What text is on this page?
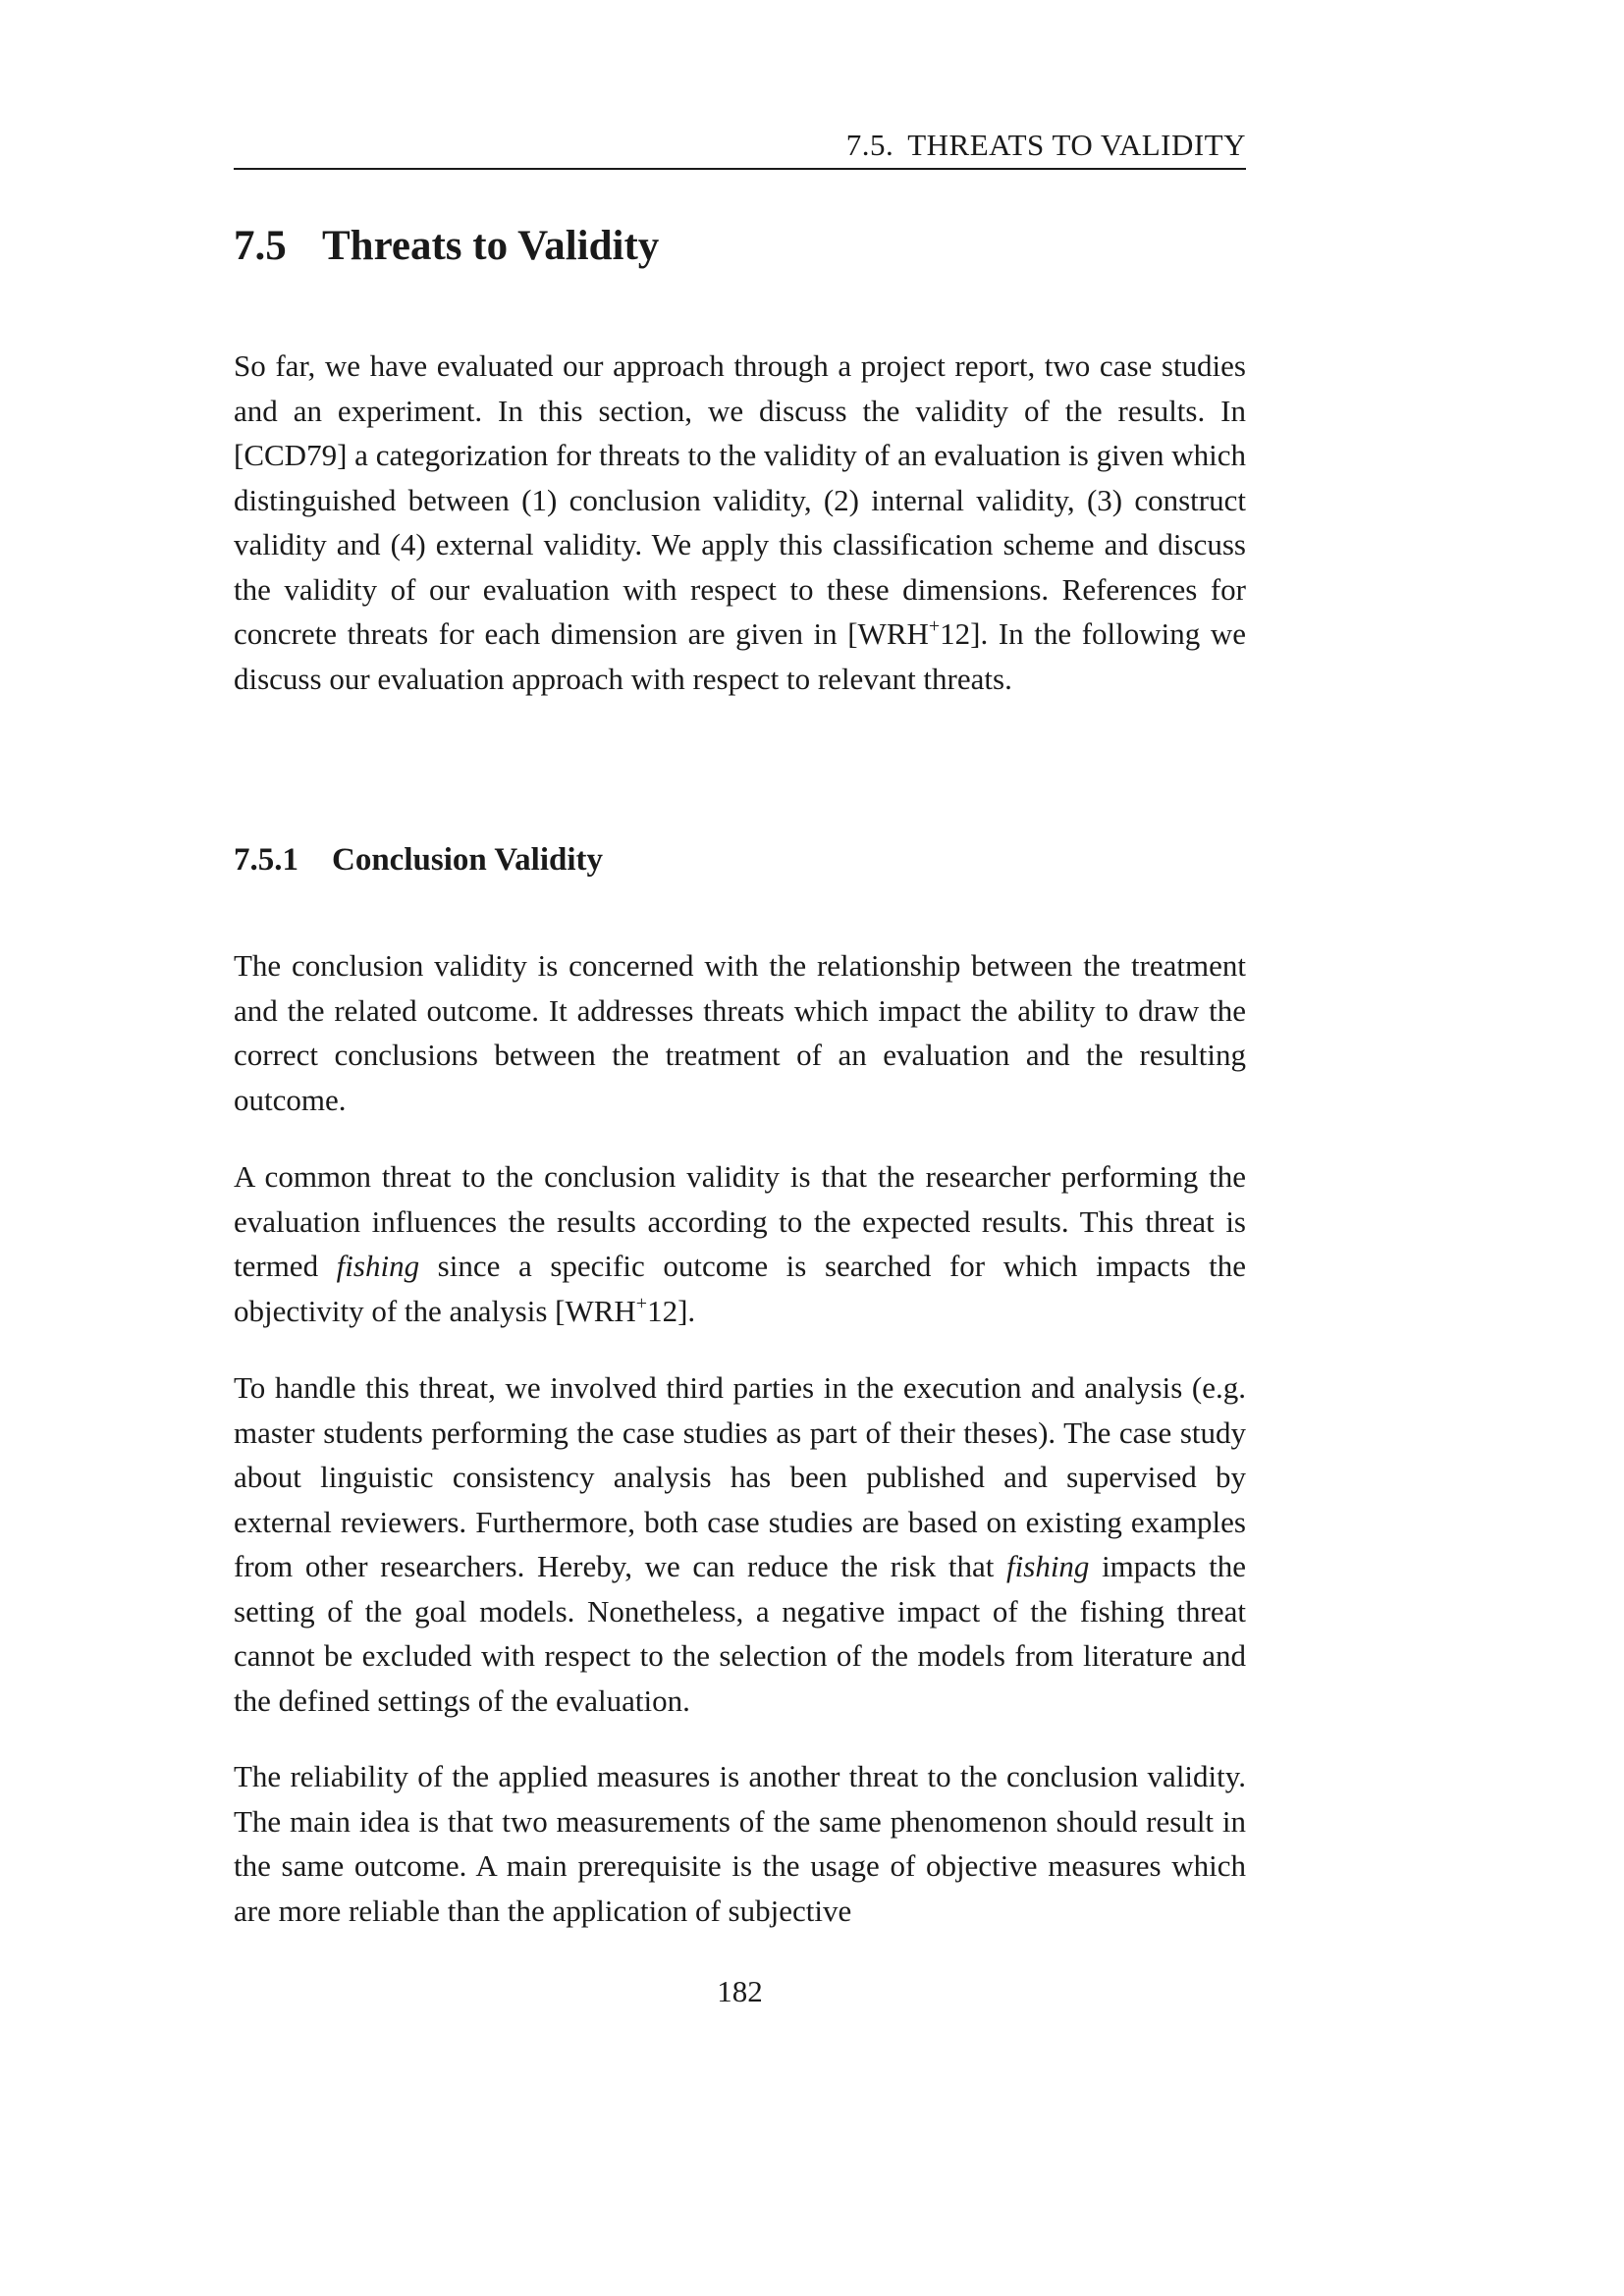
7.5. THREATS TO VALIDITY
7.5 Threats to Validity

So far, we have evaluated our approach through a project report, two case studies and an experiment. In this section, we discuss the validity of the results. In [CCD79] a categorization for threats to the validity of an evaluation is given which distinguished between (1) conclusion validity, (2) internal validity, (3) construct validity and (4) external validity. We apply this classification scheme and discuss the validity of our evaluation with respect to these dimensions. References for concrete threats for each dimension are given in [WRH+12]. In the following we discuss our evaluation approach with respect to relevant threats.

7.5.1 Conclusion Validity

The conclusion validity is concerned with the relationship between the treatment and the related outcome. It addresses threats which impact the ability to draw the correct conclusions between the treatment of an evaluation and the resulting outcome.

A common threat to the conclusion validity is that the researcher performing the evaluation influences the results according to the expected results. This threat is termed fishing since a specific outcome is searched for which impacts the objectivity of the analysis [WRH+12].

To handle this threat, we involved third parties in the execution and analysis (e.g. master students performing the case studies as part of their theses). The case study about linguistic consistency analysis has been published and supervised by external reviewers. Furthermore, both case studies are based on existing examples from other researchers. Hereby, we can reduce the risk that fishing impacts the setting of the goal models. Nonetheless, a negative impact of the fishing threat cannot be excluded with respect to the selection of the models from literature and the defined settings of the evaluation.

The reliability of the applied measures is another threat to the conclusion validity. The main idea is that two measurements of the same phenomenon should result in the same outcome. A main prerequisite is the usage of objective measures which are more reliable than the application of subjective

182
